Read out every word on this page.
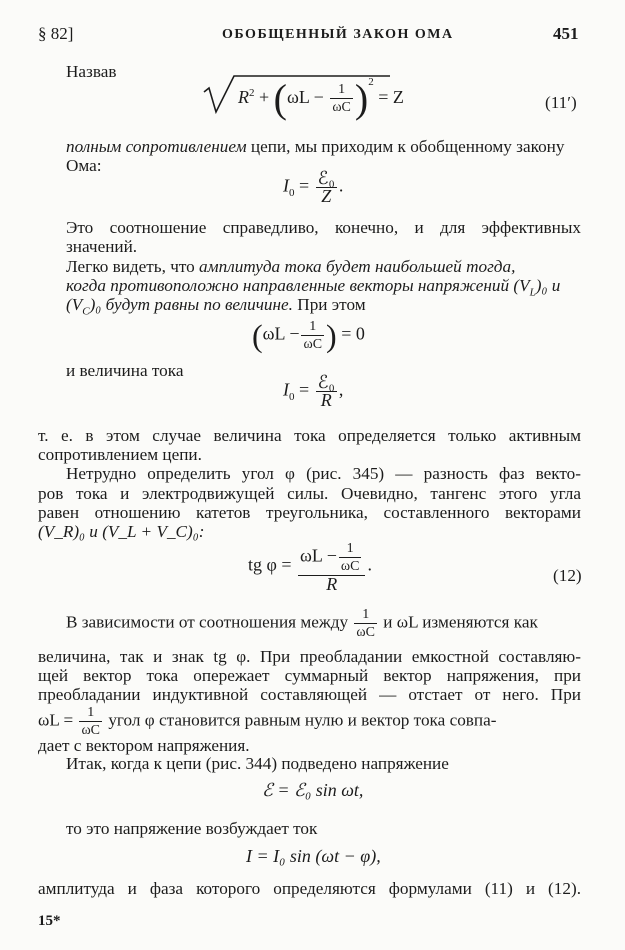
§ 82]	ОБОБЩЕННЫЙ ЗАКОН ОМА	451
Назвав
$R^2 + (\omega L - \frac{1}{\omega C} )^2 = Z$	(11′)
полным сопротивлением цепи, мы приходим к обобщенному закону
Ома:
$I_0$ = ℰ₀
Z
.
Это соотношение справедливо, конечно, и для эффективных
значений.
Легко видеть, что амплитуда тока будет наибольшей тогда,
когда противоположно направленные векторы напряжений $(V_L)_0$ и
$(V_C)_0$ будут равны по величине. При этом
($\omega L - \frac{1}{\omega C}$ ) = 0
и величина тока
$I_0$ = ℰ₀
R
,
т. е. в этом случае величина тока определяется только активным
сопротивлением цепи.
Нетрудно определить угол φ (рис. 345) — разность фаз векто-
ров тока и электродвижущей силы. Очевидно, тангенс этого угла
равен отношению катетов треугольника, составленного векторами
(V_R)₀ и (V_L + V_C)₀:
tg $\varphi = \frac{\omega L - \frac{1}{\omega C}}{R}$ .
(12)
В зависимости от соотношения между $\frac{1}{\omega C}$ и ωL изменяются как
величина, так и знак tg φ. При преобладании емкостной составляю-
щей вектор тока опережает суммарный вектор напряжения, при
преобладании индуктивной составляющей — отстает от него. При
$\omega L = \frac{1}{\omega C}$ угол φ становится равным нулю и вектор тока совпа-
дает с вектором напряжения.
Итак, когда к цепи (рис. 344) подведено напряжение
ℰ = ℰ₀ sin ωt,
то это напряжение возбуждает ток
I = I₀ sin (ωt − φ),
амплитуда и фаза которого определяются формулами (11) и (12).
15*
